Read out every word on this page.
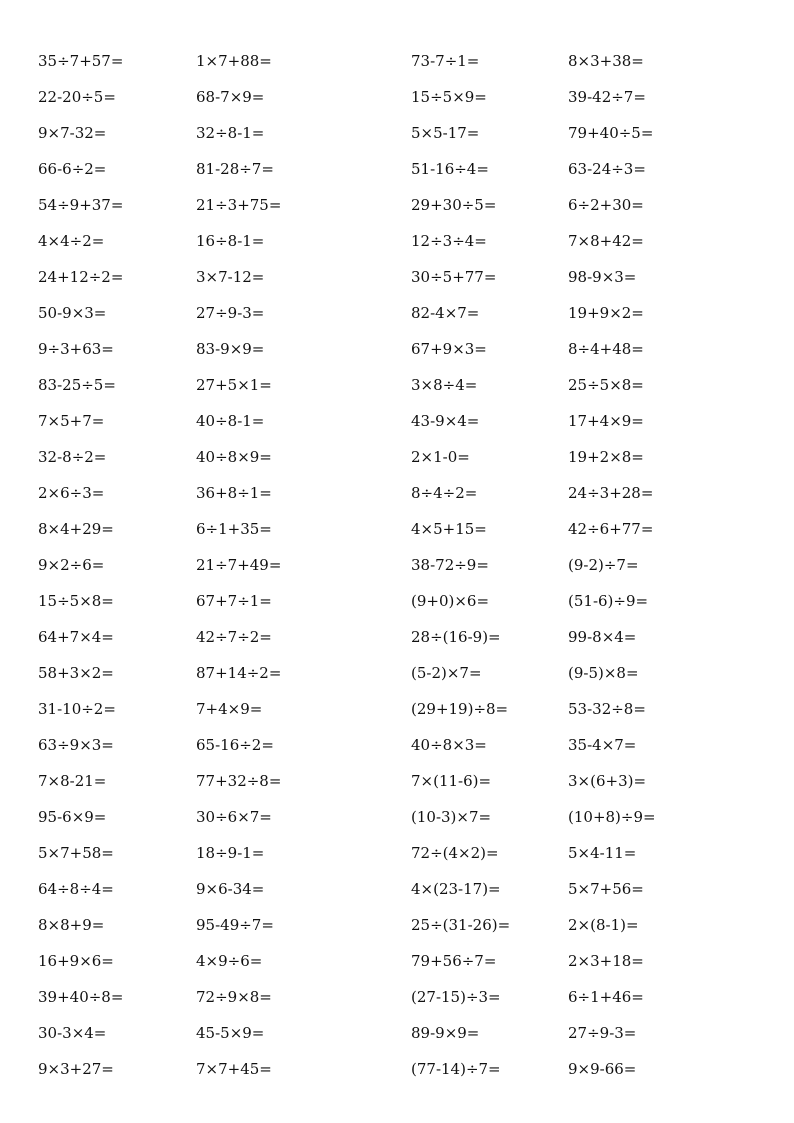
35÷7+57=	1×7+88=	73-7÷1=	8×3+38=
22-20÷5=	68-7×9=	15÷5×9=	39-42÷7=
9×7-32=	32÷8-1=	5×5-17=	79+40÷5=
66-6÷2=	81-28÷7=	51-16÷4=	63-24÷3=
54÷9+37=	21÷3+75=	29+30÷5=	6÷2+30=
4×4÷2=	16÷8-1=	12÷3÷4=	7×8+42=
24+12÷2=	3×7-12=	30÷5+77=	98-9×3=
50-9×3=	27÷9-3=	82-4×7=	19+9×2=
9÷3+63=	83-9×9=	67+9×3=	8÷4+48=
83-25÷5=	27+5×1=	3×8÷4=	25÷5×8=
7×5+7=	40÷8-1=	43-9×4=	17+4×9=
32-8÷2=	40÷8×9=	2×1-0=	19+2×8=
2×6÷3=	36+8÷1=	8÷4÷2=	24÷3+28=
8×4+29=	6÷1+35=	4×5+15=	42÷6+77=
9×2÷6=	21÷7+49=	38-72÷9=	(9-2)÷7=
15÷5×8=	67+7÷1=	(9+0)×6=	(51-6)÷9=
64+7×4=	42÷7÷2=	28÷(16-9)=	99-8×4=
58+3×2=	87+14÷2=	(5-2)×7=	(9-5)×8=
31-10÷2=	7+4×9=	(29+19)÷8=	53-32÷8=
63÷9×3=	65-16÷2=	40÷8×3=	35-4×7=
7×8-21=	77+32÷8=	7×(11-6)=	3×(6+3)=
95-6×9=	30÷6×7=	(10-3)×7=	(10+8)÷9=
5×7+58=	18÷9-1=	72÷(4×2)=	5×4-11=
64÷8÷4=	9×6-34=	4×(23-17)=	5×7+56=
8×8+9=	95-49÷7=	25÷(31-26)=	2×(8-1)=
16+9×6=	4×9÷6=	79+56÷7=	2×3+18=
39+40÷8=	72÷9×8=	(27-15)÷3=	6÷1+46=
30-3×4=	45-5×9=	89-9×9=	27÷9-3=
9×3+27=	7×7+45=	(77-14)÷7=	9×9-66=
